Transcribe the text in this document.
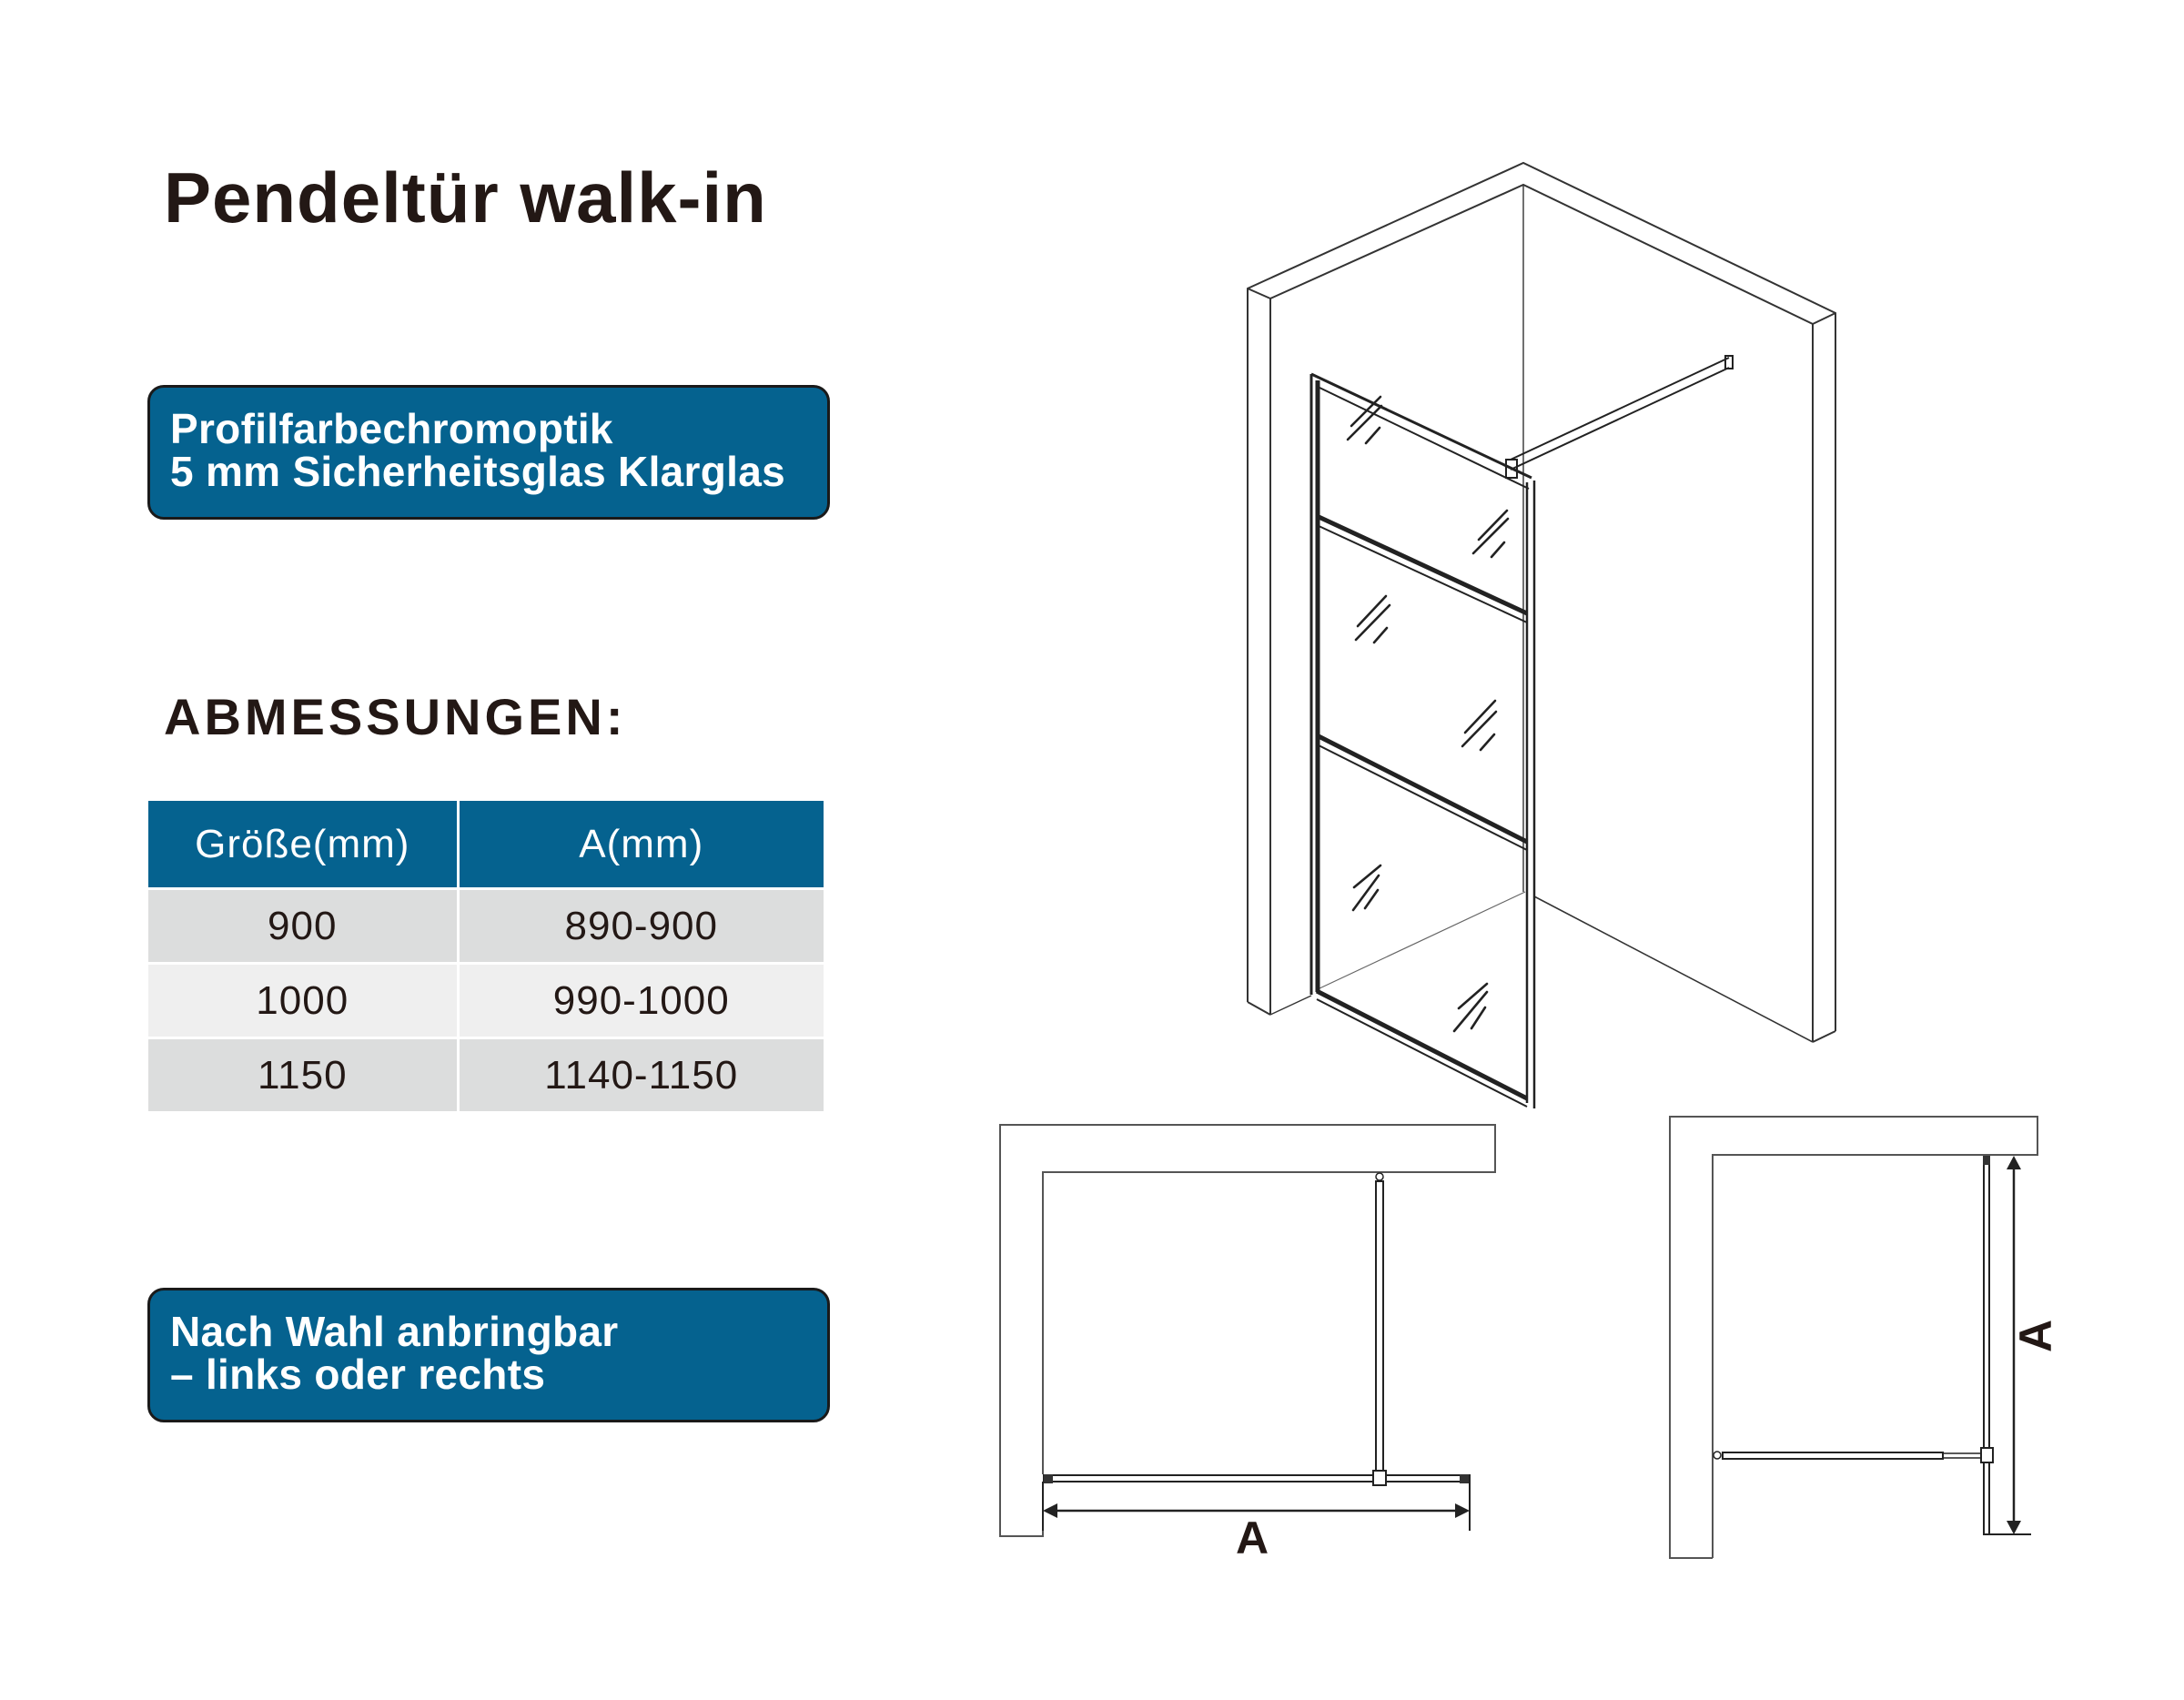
Pendeltür walk-in
Profilfarbechromoptik
5 mm Sicherheitsglas Klarglas
ABMESSUNGEN:
Größe(mm)	A(mm)
900	890-900
1000	990-1000
1150	1140-1150
Nach Wahl anbringbar
– links oder rechts
A
A
